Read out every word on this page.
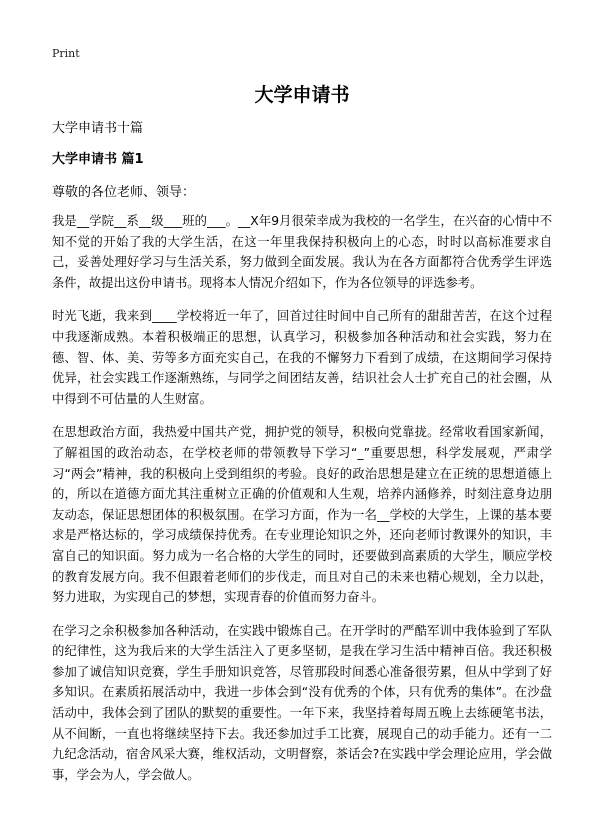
Print
大学申请书
大学申请书十篇
大学申请书 篇1
尊敬的各位老师、领导：

我是__学院__系__级___班的___。__X年9月很荣幸成为我校的一名学生，在兴奋的心情中不知不觉的开始了我的大学生活，在这一年里我保持积极向上的心态，时时以高标准要求自己，妥善处理好学习与生活关系，努力做到全面发展。我认为在各方面都符合优秀学生评选条件，故提出这份申请书。现将本人情况介绍如下，作为各位领导的评选参考。

时光飞逝，我来到____学校将近一年了，回首过往时间中自己所有的甜甜苦苦，在这个过程中我逐渐成熟。本着积极端正的思想，认真学习，积极参加各种活动和社会实践，努力在德、智、体、美、劳等多方面充实自己，在我的不懈努力下看到了成绩，在这期间学习保持优异，社会实践工作逐渐熟练，与同学之间团结友善，结识社会人士扩充自己的社会圈，从中得到不可估量的人生财富。

在思想政治方面，我热爱中国共产党，拥护党的领导，积极向党靠拢。经常收看国家新闻，了解祖国的政治动态，在学校老师的带领教导下学习“_”重要思想，科学发展观，严肃学习“两会”精神，我的积极向上受到组织的考验。良好的政治思想是建立在正统的思想道德上的，所以在道德方面尤其注重树立正确的价值观和人生观，培养内涵修养，时刻注意身边朋友动态，保证思想团体的积极氛围。在学习方面，作为一名__学校的大学生，上课的基本要求是严格达标的，学习成绩保持优秀。在专业理论知识之外，还向老师讨教课外的知识，丰富自己的知识面。努力成为一名合格的大学生的同时，还要做到高素质的大学生，顺应学校的教育发展方向。我不但跟着老师们的步伐走，而且对自己的未来也精心规划，全力以赴，努力进取，为实现自己的梦想，实现青春的价值而努力奋斗。

在学习之余积极参加各种活动，在实践中锻炼自己。在开学时的严酷军训中我体验到了军队的纪律性，这为我后来的大学生活注入了更多坚韧，是我在学习生活中精神百倍。我还积极参加了诚信知识竞赛，学生手册知识竞答，尽管那段时间悉心准备很劳累，但从中学到了好多知识。在素质拓展活动中，我进一步体会到“没有优秀的个体，只有优秀的集体”。在沙盘活动中，我体会到了团队的默契的重要性。一年下来，我坚持着每周五晚上去练硬笔书法，从不间断，一直也将继续坚持下去。我还参加过手工比赛，展现自己的动手能力。还有一二九纪念活动，宿舍风采大赛，维权活动，文明督察，茶话会?在实践中学会理论应用，学会做事，学会为人，学会做人。
